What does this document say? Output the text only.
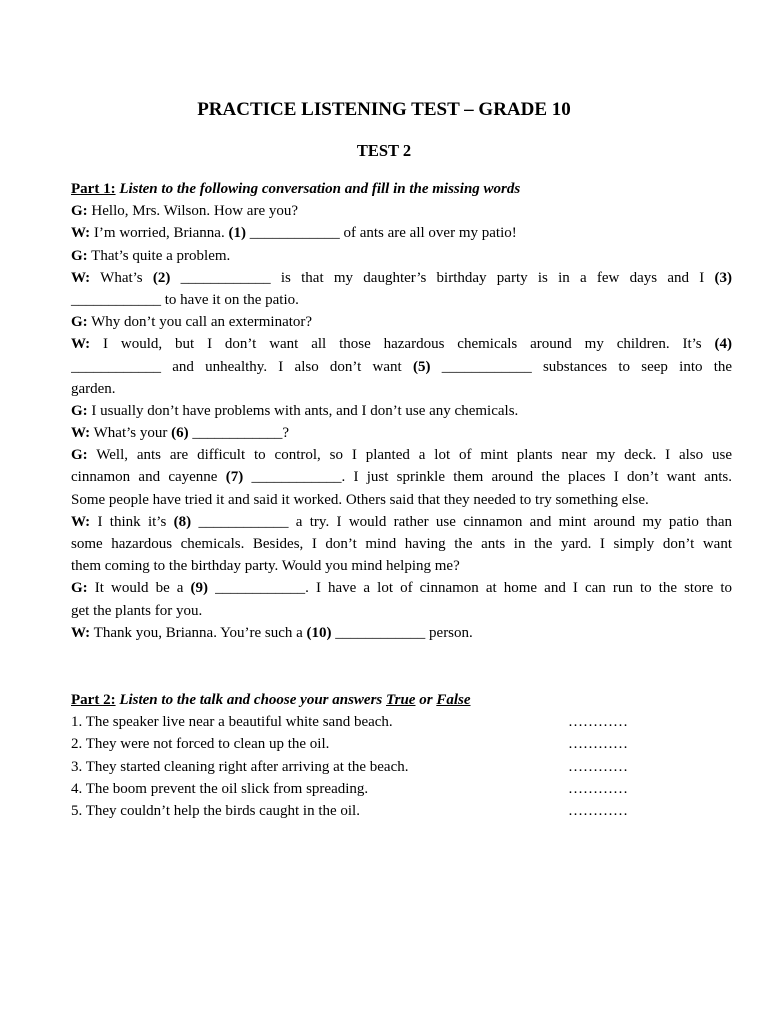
PRACTICE LISTENING TEST – GRADE 10
TEST 2
Part 1: Listen to the following conversation and fill in the missing words
G: Hello, Mrs. Wilson. How are you?
W: I’m worried, Brianna. (1) ____________ of ants are all over my patio!
G: That’s quite a problem.
W: What’s (2) ____________ is that my daughter’s birthday party is in a few days and I (3)
____________ to have it on the patio.
G: Why don’t you call an exterminator?
W: I would, but I don’t want all those hazardous chemicals around my children. It’s (4)
____________ and unhealthy. I also don’t want (5) ____________ substances to seep into the
garden.
G: I usually don’t have problems with ants, and I don’t use any chemicals.
W: What’s your (6) ____________?
G: Well, ants are difficult to control, so I planted a lot of mint plants near my deck. I also use
cinnamon and cayenne (7) ____________. I just sprinkle them around the places I don’t want ants.
Some people have tried it and said it worked. Others said that they needed to try something else.
W: I think it’s (8) ____________ a try. I would rather use cinnamon and mint around my patio than
some hazardous chemicals. Besides, I don’t mind having the ants in the yard. I simply don’t want
them coming to the birthday party. Would you mind helping me?
G: It would be a (9) ____________. I have a lot of cinnamon at home and I can run to the store to
get the plants for you.
W: Thank you, Brianna. You’re such a (10) ____________ person.
Part 2: Listen to the talk and choose your answers True or False
1. The speaker live near a beautiful white sand beach.	…………
2. They were not forced to clean up the oil.	…………
3. They started cleaning right after arriving at the beach.	…………
4. The boom prevent the oil slick from spreading.	…………
5. They couldn’t help the birds caught in the oil.	…………
